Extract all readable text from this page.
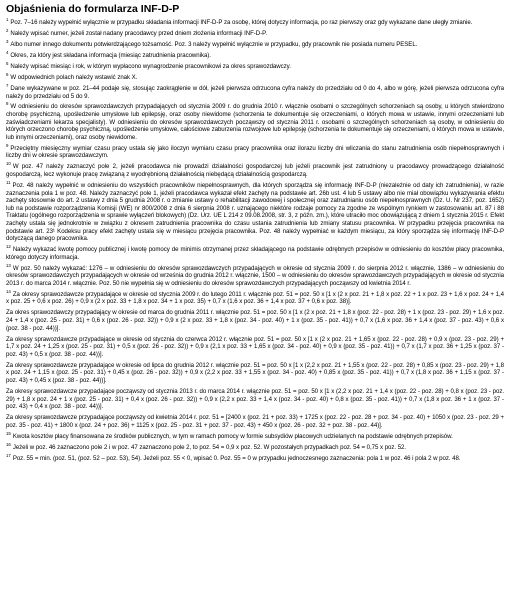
Objaśnienia do formularza INF-D-P
$^1$ Poz. 7–16 należy wypełnić wyłącznie w przypadku składania informacji INF-D-P za osobę, której dotyczy informacja, po raz pierwszy oraz gdy wykazane dane uległy zmianie.
$^2$ Należy wpisać numer, jeżeli został nadany pracodawcy przed dniem złożenia informacji INF-D-P.
$^3$ Albo numer innego dokumentu potwierdzającego tożsamość. Poz. 3 należy wypełnić wyłącznie w przypadku, gdy pracownik nie posiada numeru PESEL.
$^4$ Okres, za który jest składana informacja (miesiąc zatrudnienia pracownika).
$^5$ Należy wpisać miesiąc i rok, w którym wypłacono wynagrodzenie pracownikowi za okres sprawozdawczy.
$^6$ W odpowiednich polach należy wstawić znak X.
$^7$ Dane wykazywane w poz. 21–44 podaje się, stosując zaokrąglenie w dół, jeżeli pierwsza odrzucona cyfra należy do przedziału od 0 do 4, albo w górę, jeżeli pierwsza odrzucona cyfra należy do przedziału od 5 do 9.
$^8$ W odniesieniu do okresów sprawozdawczych przypadających od stycznia 2009 r. do grudnia 2010 r. włącznie osobami o szczególnych schorzeniach są osoby, u których stwierdzono chorobę psychiczną, upośledzenie umysłowe lub epilepsję, oraz osoby niewidome (schorzenia te dokumentuje się orzeczeniami, o których mowa w ustawie, innymi orzeczeniami lub zaświadczeniami lekarza specjalisty). W odniesieniu do okresów sprawozdawczych począwszy od stycznia 2011 r. osobami o szczególnych schorzeniach są osoby, w odniesieniu do których orzeczono chorobę psychiczną, upośledzenie umysłowe, całościowe zaburzenia rozwojowe lub epilepsję (schorzenia te dokumentuje się orzeczeniami, o których mowa w ustawie, lub innymi orzeczeniami), oraz osoby niewidome.
$^9$ Przeciętny miesięczny wymiar czasu pracy ustala się jako iloczyn wymiaru czasu pracy pracownika oraz ilorazu liczby dni wliczania do stanu zatrudnienia osób niepełnosprawnych i liczby dni w okresie sprawozdawczym.
$^{10}$ W poz. 47 należy zaznaczyć pole 2, jeżeli pracodawca nie prowadzi działalności gospodarczej lub jeżeli pracownik jest zatrudniony u pracodawcy prowadzącego działalność gospodarczą, lecz wykonuje pracę związaną z wyodrębnioną działalnością niebędącą działalnością gospodarczą.
$^{11}$ Poz. 48 należy wypełnić w odniesieniu do wszystkich pracowników niepełnosprawnych, dla których sporządza się informację INF-D-P (niezależnie od daty ich zatrudnienia), w razie zaznaczenia pola 1 w poz. 48. Należy zaznaczyć pole 1, jeżeli pracodawca wykazał efekt zachęty na podstawie art. 26b ust. 4 lub 5 ustawy albo nie miał obowiązku wykazywania efektu zachęty stosownie do art. 2 ustawy z dnia 5 grudnia 2008 r. o zmianie ustawy o rehabilitacji zawodowej i społecznej oraz zatrudnianiu osób niepełnosprawnych (Dz. U. Nr 237, poz. 1652) lub na podstawie rozporządzenia Komisji (WE) nr 800/2008 z dnia 6 sierpnia 2008 r. uznającego niektóre rodzaje pomocy za zgodne ze wspólnym rynkiem w zastosowaniu art. 87 i 88 Traktatu (ogólnego rozporządzenia w sprawie wyłączeń blokowych) (Dz. Urz. UE L 214 z 09.08.2008, str. 3, z późn. zm.), które utraciło moc obowiązującą z dniem 1 stycznia 2015 r. Efekt zachęty ustala się jednokrotnie w związku z okresem zatrudnienia pracownika do czasu ustania zatrudnienia lub zmiany statusu pracownika. W przypadku przejęcia pracownika na podstawie art. 23¹ Kodeksu pracy efekt zachęty ustala się w miesiącu przejęcia pracownika. Poz. 48 należy wypełniać w każdym miesiącu, za który sporządza się informację INF-D-P dotyczącą danego pracownika.
$^{12}$ Należy wykazać kwotę pomocy publicznej i kwotę pomocy de minimis otrzymanej przez składającego na podstawie odrębnych przepisów w odniesieniu do kosztów płacy pracownika, którego dotyczy informacja.
$^{13}$ W poz. 50 należy wykazać: 1276 – w odniesieniu do okresów sprawozdawczych przypadających w okresie od stycznia 2009 r. do sierpnia 2012 r. włącznie, 1386 – w odniesieniu do okresów sprawozdawczych przypadających w okresie od września do grudnia 2012 r. włącznie, 1500 – w odniesieniu do okresów sprawozdawczych przypadających w okresie od stycznia 2013 r. do marca 2014 r. włącznie. Poz. 50 nie wypełnia się w odniesieniu do okresów sprawozdawczych przypadających począwszy od kwietnia 2014 r.
$^{14}$ Za okresy sprawozdawcze przypadające w okresie od stycznia 2009 r. do lutego 2011 r. włącznie poz. 51 = poz. 50 x [1 x (2 x poz. 21 + 1,8 x poz. 22 + 1 x poz. 23 + 1,6 x poz. 24 + 1,4 x poz. 25 + 0,6 x poz. 26) + 0,9 x (2 x poz. 33 + 1,8 x poz. 34 + 1 x poz. 35) + 0,7 x (1,6 x poz. 36 + 1,4 x poz. 37 + 0,6 x poz. 38)].
Za okres sprawozdawczy przypadający w okresie od marca do grudnia 2011 r. włącznie poz. 51 = poz. 50 x [1 x (2 x poz. 21 + 1,8 x (poz. 22 - poz. 28) + 1 x (poz. 23 - poz. 29) + 1,6 x poz. 24 + 1,4 x (poz. 25 - poz. 31) + 0,6 x (poz. 26 - poz. 32)) + 0,9 x (2 x poz. 33 + 1,8 x (poz. 34 - poz. 40) + 1 x (poz. 35 - poz. 41)) + 0,7 x (1,6 x poz. 36 + 1,4 x (poz. 37 - poz. 43) + 0,6 x (poz. 38 - poz. 44))].
Za okresy sprawozdawcze przypadające w okresie od stycznia do czerwca 2012 r. włącznie poz. 51 = poz. 50 x [1 x (2 x poz. 21 + 1,65 x (poz. 22 - poz. 28) + 0,9 x (poz. 23 - poz. 29) + 1,7 x poz. 24 + 1,25 x (poz. 25 - poz. 31) + 0,5 x (poz. 26 - poz. 32)) + 0,9 x (2,1 x poz. 33 + 1,65 x (poz. 34 - poz. 40) + 0,9 x (poz. 35 - poz. 41)) + 0,7 x (1,7 x poz. 36 + 1,25 x (poz. 37 - poz. 43) + 0,5 x (poz. 38 - poz. 44))].
Za okresy sprawozdawcze przypadające w okresie od lipca do grudnia 2012 r. włącznie poz. 51 = poz. 50 x [1 x (2,2 x poz. 21 + 1,55 x (poz. 22 - poz. 28) + 0,85 x (poz. 23 - poz. 29) + 1,8 x poz. 24 + 1,15 x (poz. 25 - poz. 31) + 0,45 x (poz. 26 - poz. 32)) + 0,9 x (2,2 x poz. 33 + 1,55 x (poz. 34 - poz. 40) + 0,85 x (poz. 35 - poz. 41)) + 0,7 x (1,8 x poz. 36 + 1,15 x (poz. 37 - poz. 43) + 0,45 x (poz. 38 - poz. 44))].
Za okresy sprawozdawcze przypadające począwszy od stycznia 2013 r. do marca 2014 r. włącznie poz. 51 = poz. 50 x [1 x (2,2 x poz. 21 + 1,4 x (poz. 22 - poz. 28) + 0,8 x (poz. 23 - poz. 29) + 1,8 x poz. 24 + 1 x (poz. 25 - poz. 31) + 0,4 x (poz. 26 - poz. 32)) + 0,9 x (2,2 x poz. 33 + 1,4 x (poz. 34 - poz. 40) + 0,8 x (poz. 35 - poz. 41)) + 0,7 x (1,8 x poz. 36 + 1 x (poz. 37 - poz. 43) + 0,4 x (poz. 38 - poz. 44))].
Za okresy sprawozdawcze przypadające począwszy od kwietnia 2014 r. poz. 51 = [2400 x (poz. 21 + poz. 33) + 1725 x (poz. 22 - poz. 28 + poz. 34 - poz. 40) + 1050 x (poz. 23 - poz. 29 + poz. 35 - poz. 41) + 1800 x (poz. 24 + poz. 36) + 1125 x (poz. 25 - poz. 31 + poz. 37 - poz. 43) + 450 x (poz. 26 - poz. 32 + poz. 38 - poz. 44)].
$^{15}$ Kwota kosztów płacy finansowana ze środków publicznych, w tym w ramach pomocy w formie subsydiów płacowych udzielanych na podstawie odrębnych przepisów.
$^{16}$ Jeżeli w poz. 46 zaznaczono pole 2 i w poz. 47 zaznaczono pole 2, to poz. 54 = 0,9 x poz. 52. W pozostałych przypadkach poz. 54 = 0,75 x poz. 52.
$^{17}$ Poz. 55 = min. (poz. 51, (poz. 52 – poz. 53), 54). Jeżeli poz. 55 < 0, wpisać 0. Poz. 55 = 0 w przypadku jednoczesnego zaznaczenia: pola 1 w poz. 46 i pola 2 w poz. 48.
